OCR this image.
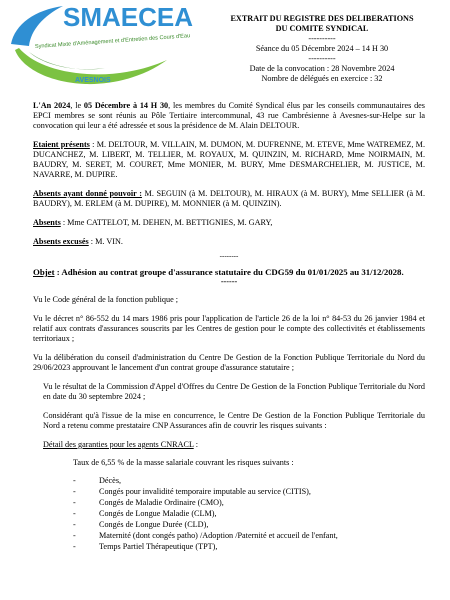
SMAECEA
Syndicat Mixte d'Aménagement et d'Entretien des Cours d'Eau
AVESNOIS
EXTRAIT DU REGISTRE DES DELIBERATIONS
DU COMITE SYNDICAL
----------
Séance du 05 Décembre 2024 – 14 H 30
----------
Date de la convocation : 28 Novembre 2024
Nombre de délégués en exercice : 32

L'An 2024, le 05 Décembre à 14 H 30, les membres du Comité Syndical élus par les conseils communautaires des EPCI membres se sont réunis au Pôle Tertiaire intercommunal, 43 rue Cambrésienne à Avesnes-sur-Helpe sur la convocation qui leur a été adressée et sous la présidence de M. Alain DELTOUR.

Etaient présents : M. DELTOUR, M. VILLAIN, M. DUMON, M. DUFRENNE, M. ETEVE, Mme WATREMEZ, M. DUCANCHEZ, M. LIBERT, M. TELLIER, M. ROYAUX, M. QUINZIN, M. RICHARD, Mme NOIRMAIN, M. BAUDRY, M. SERET, M. COURET, Mme MONIER, M. BURY, Mme DESMARCHELIER, M. JUSTICE, M. NAVARRE, M. DUPIRE.

Absents ayant donné pouvoir : M. SEGUIN (à M. DELTOUR), M. HIRAUX (à M. BURY), Mme SELLIER (à M. BAUDRY), M. ERLEM (à M. DUPIRE), M. MONNIER (à M. QUINZIN).

Absents : Mme CATTELOT, M. DEHEN, M. BETTIGNIES, M. GARY,

Absents excusés : M. VIN.

--------

Objet : Adhésion au contrat groupe d'assurance statutaire du CDG59 du 01/01/2025 au 31/12/2028.

------

Vu le Code général de la fonction publique ;

Vu le décret n° 86-552 du 14 mars 1986 pris pour l'application de l'article 26 de la loi n° 84-53 du 26 janvier 1984 et relatif aux contrats d'assurances souscrits par les Centres de gestion pour le compte des collectivités et établissements territoriaux ;

Vu la délibération du conseil d'administration du Centre De Gestion de la Fonction Publique Territoriale du Nord du 29/06/2023 approuvant le lancement d'un contrat groupe d'assurance statutaire ;

Vu le résultat de la Commission d'Appel d'Offres du Centre De Gestion de la Fonction Publique Territoriale du Nord en date du 30 septembre 2024 ;

Considérant qu'à l'issue de la mise en concurrence, le Centre De Gestion de la Fonction Publique Territoriale du Nord a retenu comme prestataire CNP Assurances afin de couvrir les risques suivants :

Détail des garanties pour les agents CNRACL :

Taux de 6,55 % de la masse salariale couvrant les risques suivants :

- Décès,
- Congés pour invalidité temporaire imputable au service (CITIS),
- Congés de Maladie Ordinaire (CMO),
- Congés de Longue Maladie (CLM),
- Congés de Longue Durée (CLD),
- Maternité (dont congés patho) /Adoption /Paternité et accueil de l'enfant,
- Temps Partiel Thérapeutique (TPT),
